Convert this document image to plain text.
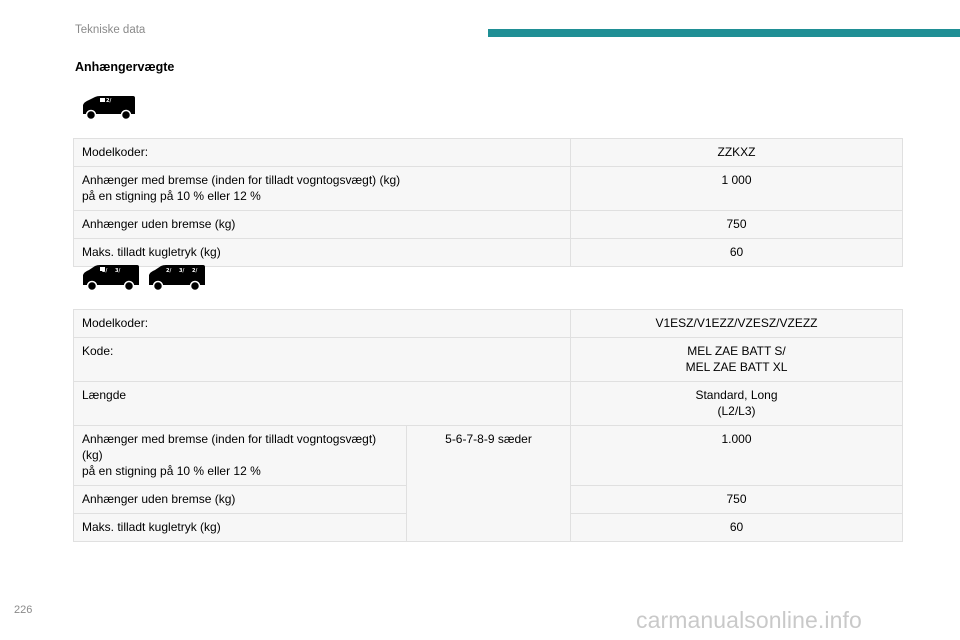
Tekniske data
Anhængervægte
2/
Modelkoder:	ZZKXZ
Anhænger med bremse (inden for tilladt vogntogsvægt) (kg)
på en stigning på 10 % eller 12 %	1 000
Anhænger uden bremse (kg)	750
Maks. tilladt kugletryk (kg)	60
2/ 3/	2/ 3/ 2/
Modelkoder:		V1ESZ/V1EZZ/VZESZ/VZEZZ
Kode:		MEL ZAE BATT S/
MEL ZAE BATT XL
Længde		Standard, Long
(L2/L3)
Anhænger med bremse (inden for tilladt vogntogsvægt)
(kg)
på en stigning på 10 % eller 12 %	5-6-7-8-9 sæder	1.000
Anhænger uden bremse (kg)		750
Maks. tilladt kugletryk (kg)		60
226	carmanualsonline.info
